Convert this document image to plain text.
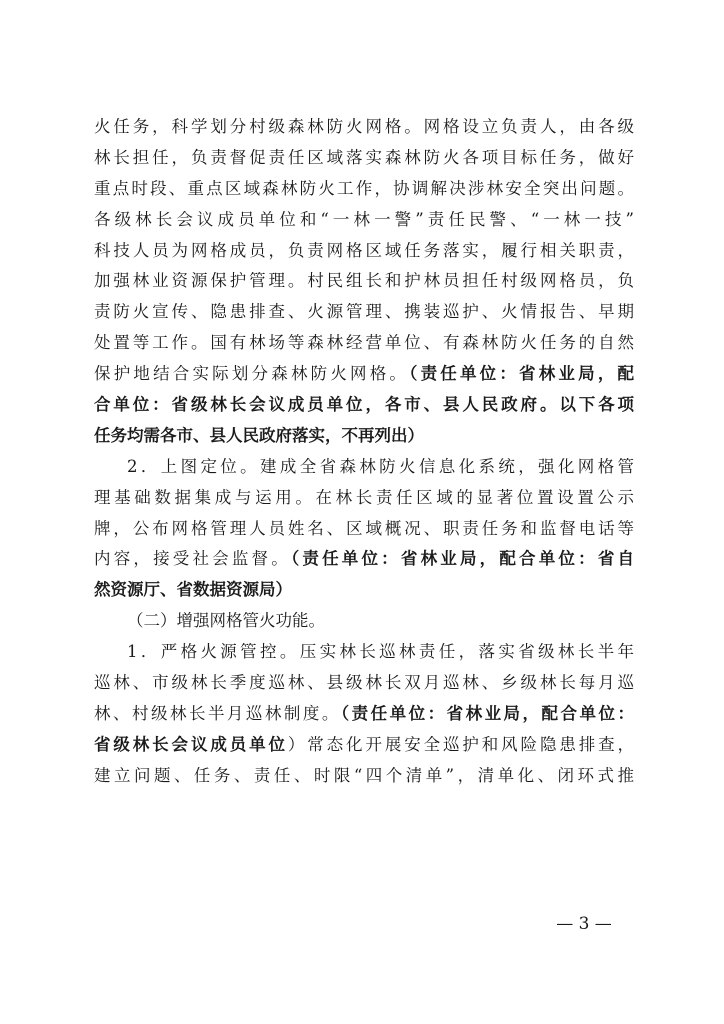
火任务，科学划分村级森林防火网格。网格设立负责人，由各级
林长担任，负责督促责任区域落实森林防火各项目标任务，做好
重点时段、重点区域森林防火工作，协调解决涉林安全突出问题。
各级林长会议成员单位和“一林一警”责任民警、“一林一技”
科技人员为网格成员，负责网格区域任务落实，履行相关职责，
加强林业资源保护管理。村民组长和护林员担任村级网格员，负
责防火宣传、隐患排查、火源管理、携装巡护、火情报告、早期
处置等工作。国有林场等森林经营单位、有森林防火任务的自然
保护地结合实际划分森林防火网格。（责任单位：省林业局，配
合单位：省级林长会议成员单位，各市、县人民政府。以下各项
任务均需各市、县人民政府落实，不再列出）
2．上图定位。建成全省森林防火信息化系统，强化网格管
理基础数据集成与运用。在林长责任区域的显著位置设置公示
牌，公布网格管理人员姓名、区域概况、职责任务和监督电话等
内容，接受社会监督。（责任单位：省林业局，配合单位：省自
然资源厅、省数据资源局）
（二）增强网格管火功能。
1．严格火源管控。压实林长巡林责任，落实省级林长半年
巡林、市级林长季度巡林、县级林长双月巡林、乡级林长每月巡
林、村级林长半月巡林制度。（责任单位：省林业局，配合单位：
省级林长会议成员单位）常态化开展安全巡护和风险隐患排查，
建立问题、任务、责任、时限“四个清单”，清单化、闭环式推
— 3 —
